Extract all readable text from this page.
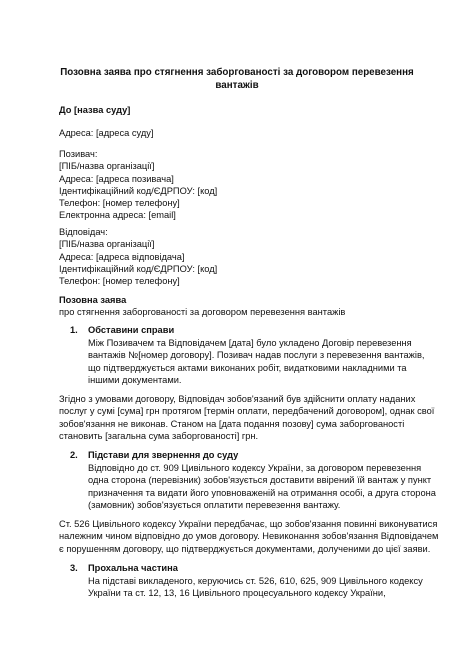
Позовна заява про стягнення заборгованості за договором перевезення
вантажів
До [назва суду]
Адреса: [адреса суду]
Позивач:
[ПІБ/назва організації]
Адреса: [адреса позивача]
Ідентифікаційний код/ЄДРПОУ: [код]
Телефон: [номер телефону]
Електронна адреса: [email]
Відповідач:
[ПІБ/назва організації]
Адреса: [адреса відповідача]
Ідентифікаційний код/ЄДРПОУ: [код]
Телефон: [номер телефону]
Позовна заява
про стягнення заборгованості за договором перевезення вантажів
1. Обставини справи
Між Позивачем та Відповідачем [дата] було укладено Договір перевезення
вантажів №[номер договору]. Позивач надав послуги з перевезення вантажів,
що підтверджується актами виконаних робіт, видатковими накладними та
іншими документами.
Згідно з умовами договору, Відповідач зобов'язаний був здійснити оплату наданих
послуг у сумі [сума] грн протягом [термін оплати, передбачений договором], однак свої
зобов'язання не виконав. Станом на [дата подання позову] сума заборгованості
становить [загальна сума заборгованості] грн.
2. Підстави для звернення до суду
Відповідно до ст. 909 Цивільного кодексу України, за договором перевезення
одна сторона (перевізник) зобов'язується доставити ввірений їй вантаж у пункт
призначення та видати його уповноваженій на отримання особі, а друга сторона
(замовник) зобов'язується оплатити перевезення вантажу.
Ст. 526 Цивільного кодексу України передбачає, що зобов'язання повинні виконуватися
належним чином відповідно до умов договору. Невиконання зобов'язання Відповідачем
є порушенням договору, що підтверджується документами, долученими до цієї заяви.
3. Прохальна частина
На підставі викладеного, керуючись ст. 526, 610, 625, 909 Цивільного кодексу
України та ст. 12, 13, 16 Цивільного процесуального кодексу України,
